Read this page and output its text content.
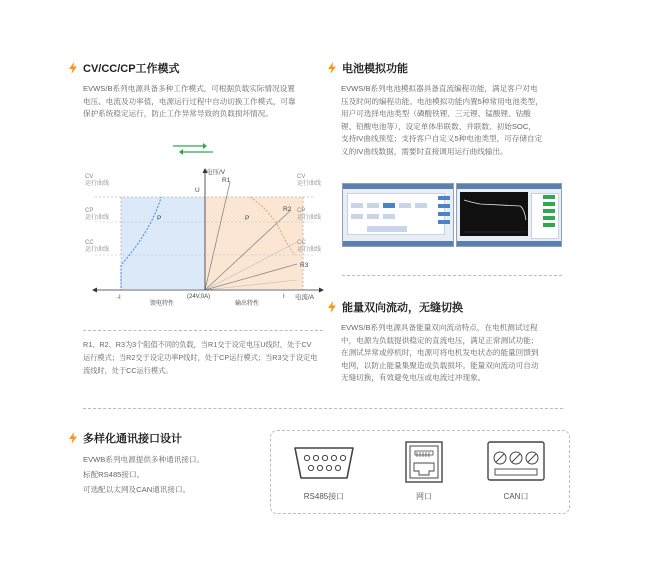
CV/CC/CP工作模式
EVWS/B系列电源具备多种工作模式，可根据负载实际情况设置
电压、电流及功率值，电源运行过程中自动切换工作模式，可靠
保护系统稳定运行，防止工作异常导致的负载损坏情况。
电压/V
电流/A
U
P	P
-I	I
(24V,0A)
馈电特性	输出特性
R1
R2
R3
CV
运行曲线
CP
运行曲线
CC
运行曲线
CV
运行曲线
CP
运行曲线
CC
运行曲线
R1、R2、R3为3个阻值不同的负载，当R1交于设定电压U线时，处于CV
运行模式；当R2交于设定功率P线时，处于CP运行模式；当R3交于设定电
流线时，处于CC运行模式。
电池模拟功能
EVWS/B系列电池模拟器具备直流编程功能，满足客户对电
压及时间的编程功能。电池模拟功能内置5种常用电池类型，
用户可选择电池类型（磷酸铁锂、三元锂、锰酸锂、钴酸
锂、铅酸电池等），设定单体串联数、并联数、初始SOC，
支持IV曲线预览；支持客户自定义5种电池类型，可存储自定
义的IV曲线数据，需要时直接调用运行曲线输出。
能量双向流动，无缝切换
EVWS/B系列电源具备能量双向流动特点，在电机测试过程
中，电源为负载提供稳定的直流电压，满足正常测试功能；
在测试异常或停机时，电源可将电机发电状态的能量回馈到
电网，以防止能量集聚造成负载损坏。能量双向流动可自动
无缝切换，有效避免电压或电流过冲现象。
多样化通讯接口设计
EVWB系列电源提供多种通讯接口。
标配RS485接口。
可选配以太网及CAN通讯接口。
RS485接口	网口	CAN口
